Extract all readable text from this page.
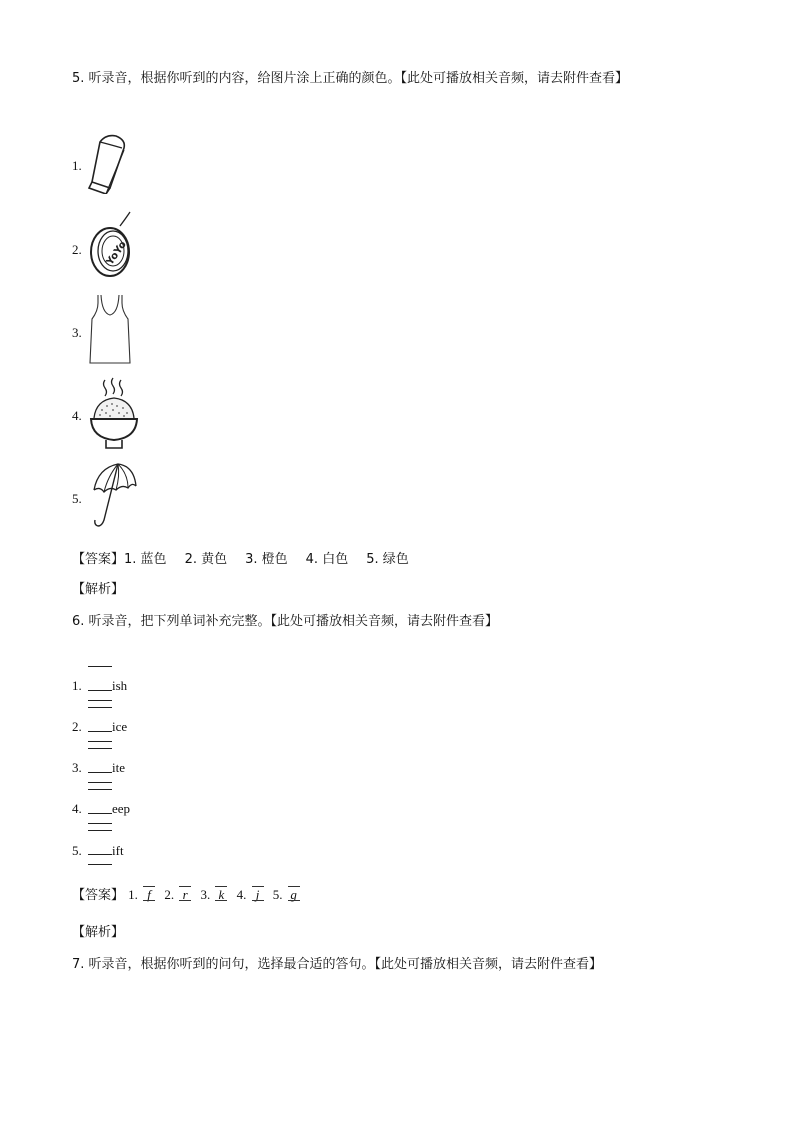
5. 听录音，根据你听到的内容，给图片涂上正确的颜色。【此处可播放相关音频，请去附件查看】
1.
2. YoYo
3.
4.
5.
【答案】1. 蓝色 2. 黄色 3. 橙色 4. 白色 5. 绿色
【解析】
6. 听录音，把下列单词补充完整。【此处可播放相关音频，请去附件查看】
1. ish
2. ice
3. ite
4. eep
5. ift
【答案】 1. f 2. r 3. k 4. j 5. g
【解析】
7. 听录音，根据你听到的问句，选择最合适的答句。【此处可播放相关音频，请去附件查看】
